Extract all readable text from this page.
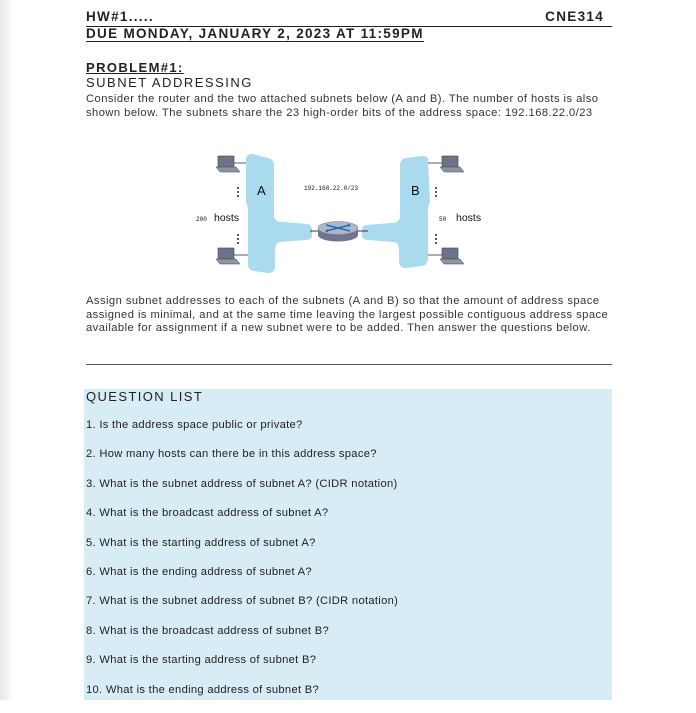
HW#1.....	CNE314
DUE MONDAY, JANUARY 2, 2023 AT 11:59PM
PROBLEM#1:
SUBNET ADDRESSING

Consider the router and the two attached subnets below (A and B). The number of hosts is also shown below. The subnets share the 23 high-order bits of the address space: 192.168.22.0/23

A	B
192.168.22.0/23
200 hosts	50 hosts

Assign subnet addresses to each of the subnets (A and B) so that the amount of address space assigned is minimal, and at the same time leaving the largest possible contiguous address space available for assignment if a new subnet were to be added. Then answer the questions below.

QUESTION LIST
1. Is the address space public or private?
2. How many hosts can there be in this address space?
3. What is the subnet address of subnet A? (CIDR notation)
4. What is the broadcast address of subnet A?
5. What is the starting address of subnet A?
6. What is the ending address of subnet A?
7. What is the subnet address of subnet B? (CIDR notation)
8. What is the broadcast address of subnet B?
9. What is the starting address of subnet B?
10. What is the ending address of subnet B?
